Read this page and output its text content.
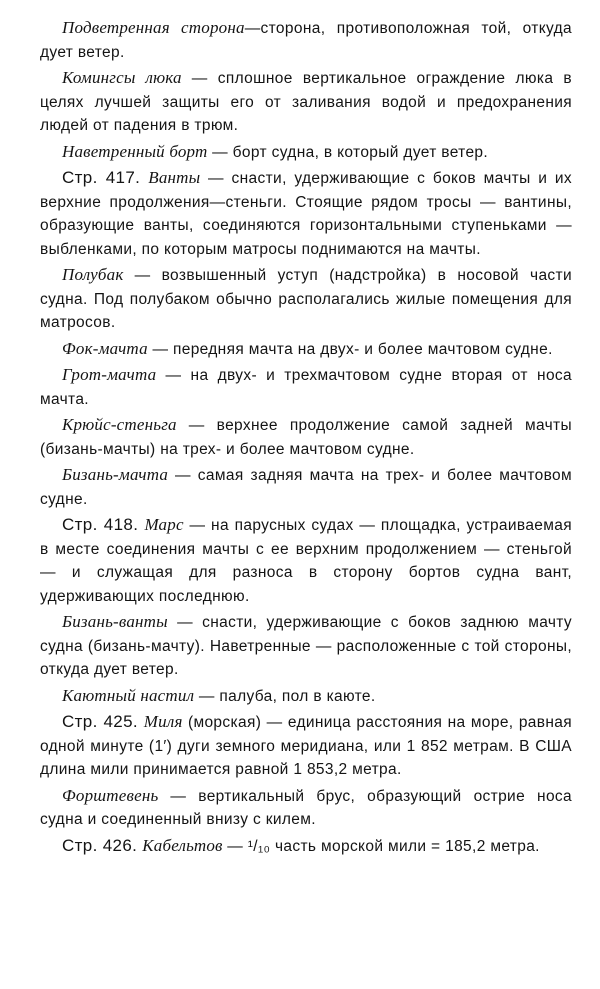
Подветренная сторона—сторона, противоположная той, откуда дует ветер.

Комингсы люка — сплошное вертикальное ограждение люка в целях лучшей защиты его от заливания водой и предохранения людей от падения в трюм.

Наветренный борт — борт судна, в который дует ветер.

Стр. 417. Ванты — снасти, удерживающие с боков мачты и их верхние продолжения—стеньги. Стоящие рядом тросы — вантины, образующие ванты, соединяются горизонтальными ступеньками — выбленками, по которым матросы поднимаются на мачты.

Полубак — возвышенный уступ (надстройка) в носовой части судна. Под полубаком обычно располагались жилые помещения для матросов.

Фок-мачта — передняя мачта на двух- и более мачтовом судне.

Грот-мачта — на двух- и трехмачтовом судне вторая от носа мачта.

Крюйс-стеньга — верхнее продолжение самой задней мачты (бизань-мачты) на трех- и более мачтовом судне.

Бизань-мачта — самая задняя мачта на трех- и более мачтовом судне.

Стр. 418. Марс — на парусных судах — площадка, устраиваемая в месте соединения мачты с ее верхним продолжением — стеньгой — и служащая для разноса в сторону бортов судна вант, удерживающих последнюю.

Бизань-ванты — снасти, удерживающие с боков заднюю мачту судна (бизань-мачту). Наветренные — расположенные с той стороны, откуда дует ветер.

Каютный настил — палуба, пол в каюте.

Стр. 425. Миля (морская) — единица расстояния на море, равная одной минуте (1′) дуги земного меридиана, или 1 852 метрам. В США длина мили принимается равной 1 853,2 метра.

Форштевень — вертикальный брус, образующий острие носа судна и соединенный внизу с килем.

Стр. 426. Кабельтов — ¹/₁₀ часть морской мили = 185,2 метра.
